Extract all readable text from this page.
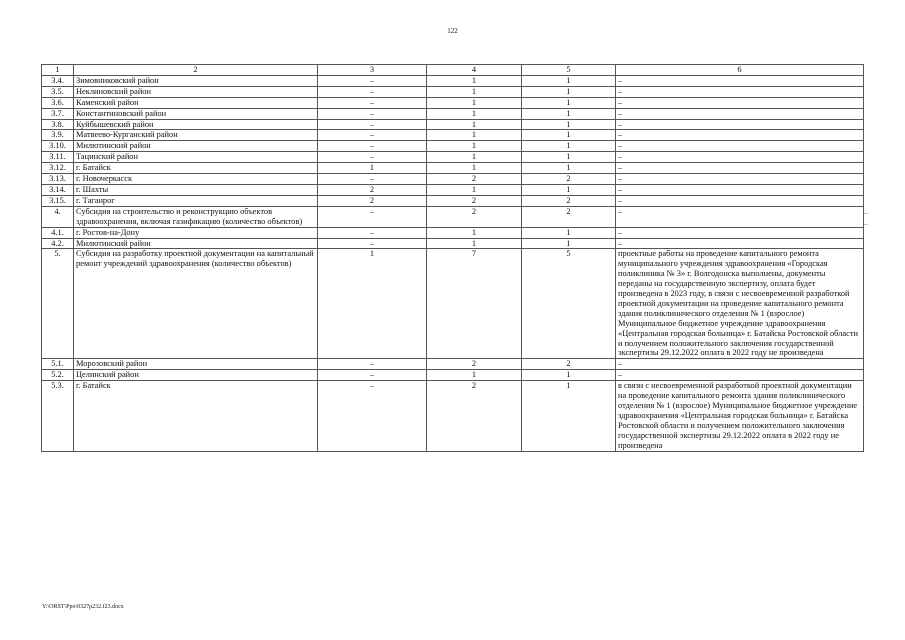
122
1	2	3	4	5	6
3.4.	Зимовниковский район	–	1	1	–
3.5.	Неклиновский район	–	1	1	–
3.6.	Каменский район	–	1	1	–
3.7.	Константиновский район	–	1	1	–
3.8.	Куйбышевский район	–	1	1	–
3.9.	Матвеево-Курганский район	–	1	1	–
3.10.	Милютинский район	–	1	1	–
3.11.	Тацинский район	–	1	1	–
3.12.	г. Батайск	1	1	1	–
3.13.	г. Новочеркасск	–	2	2	–
3.14.	г. Шахты	2	1	1	–
3.15.	г. Таганрог	2	2	2	–
4.	Субсидия на строительство и реконструкцию объектов здравоохранения, включая газификацию (количество объектов)	–	2	2	–
4.1.	г. Ростов-на-Дону	–	1	1	–
4.2.	Милютинский район	–	1	1	–
5.	Субсидия на разработку проектной документации на капитальный ремонт учреждений здравоохранения (количество объектов)	1	7	5	проектные работы на проведение капитального ремонта муниципального учреждения здравоохранения «Городская поликлиника № 3» г. Волгодонска выполнены, документы переданы на государственную экспертизу, оплата будет произведена в 2023 году, в связи с несвоевременной разработкой проектной документации на проведение капитального ремонта здания поликлинического отделения № 1 (взрослое) Муниципальное бюджетное учреждение здравоохранения «Центральная городская больница» г. Батайска Ростовской области и получением положительного заключения государственной экспертизы 29.12.2022 оплата в 2022 году не произведена
5.1.	Морозовский район	–	2	2	–
5.2.	Целинский район	–	1	1	–
5.3.	г. Батайск	–	2	1	в связи с несвоевременной разработкой проектной документации на проведение капитального ремонта здания поликлинического отделения № 1 (взрослое) Муниципальное бюджетное учреждение здравоохранения «Центральная городская больница» г. Батайска Ростовской области и получением положительного заключения государственной экспертизы 29.12.2022 оплата в 2022 году не произведена
–
–
Y:\ORST\Ppo\0327p232.f23.docx
